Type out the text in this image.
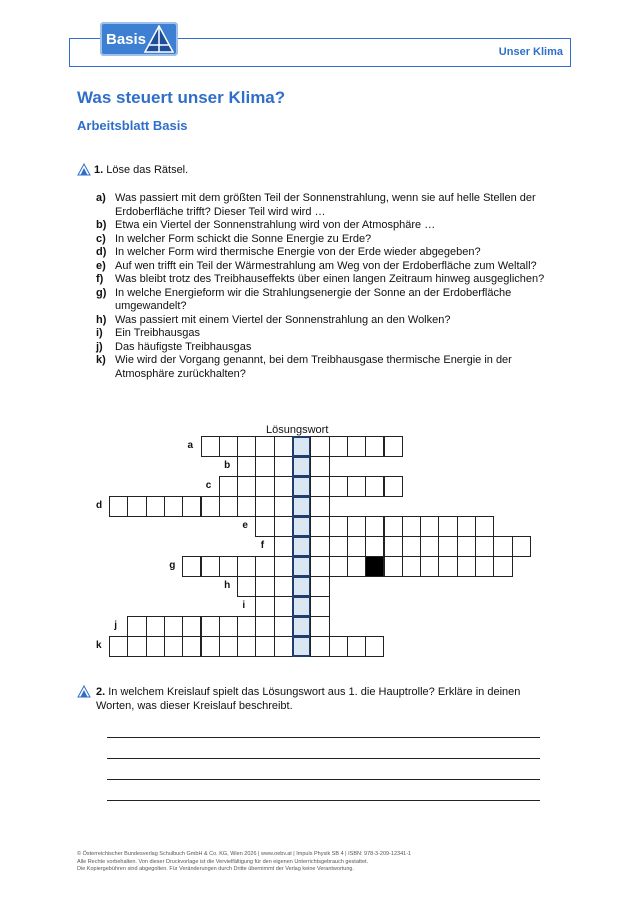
Basis
Unser Klima
Was steuert unser Klima?
Arbeitsblatt Basis
1. Löse das Rätsel.
a) Was passiert mit dem größten Teil der Sonnenstrahlung, wenn sie auf helle Stellen der Erdoberfläche trifft? Dieser Teil wird wird …
b) Etwa ein Viertel der Sonnenstrahlung wird von der Atmosphäre …
c) In welcher Form schickt die Sonne Energie zu Erde?
d) In welcher Form wird thermische Energie von der Erde wieder abgegeben?
e) Auf wen trifft ein Teil der Wärmestrahlung am Weg von der Erdoberfläche zum Weltall?
f) Was bleibt trotz des Treibhauseffekts über einen langen Zeitraum hinweg ausgeglichen?
g) In welche Energieform wir die Strahlungsenergie der Sonne an der Erdoberfläche umgewandelt?
h) Was passiert mit einem Viertel der Sonnenstrahlung an den Wolken?
i) Ein Treibhausgas
j) Das häufigste Treibhausgas
k) Wie wird der Vorgang genannt, bei dem Treibhausgase thermische Energie in der Atmosphäre zurückhalten?
Lösungswort
a
b
c
d
e
f
g
h
i
j
k
2. In welchem Kreislauf spielt das Lösungswort aus 1. die Hauptrolle? Erkläre in deinen Worten, was dieser Kreislauf beschreibt.
© Österreichischer Bundesverlag Schulbuch GmbH & Co. KG, Wien 2026 | www.oebv.at | Impuls Physik SB 4 | ISBN: 978-3-209-12341-1
Alle Rechte vorbehalten. Von dieser Druckvorlage ist die Vervielfältigung für den eigenen Unterrichtsgebrauch gestattet.
Die Kopiergebühren sind abgegolten. Für Veränderungen durch Dritte übernimmt der Verlag keine Verantwortung.
